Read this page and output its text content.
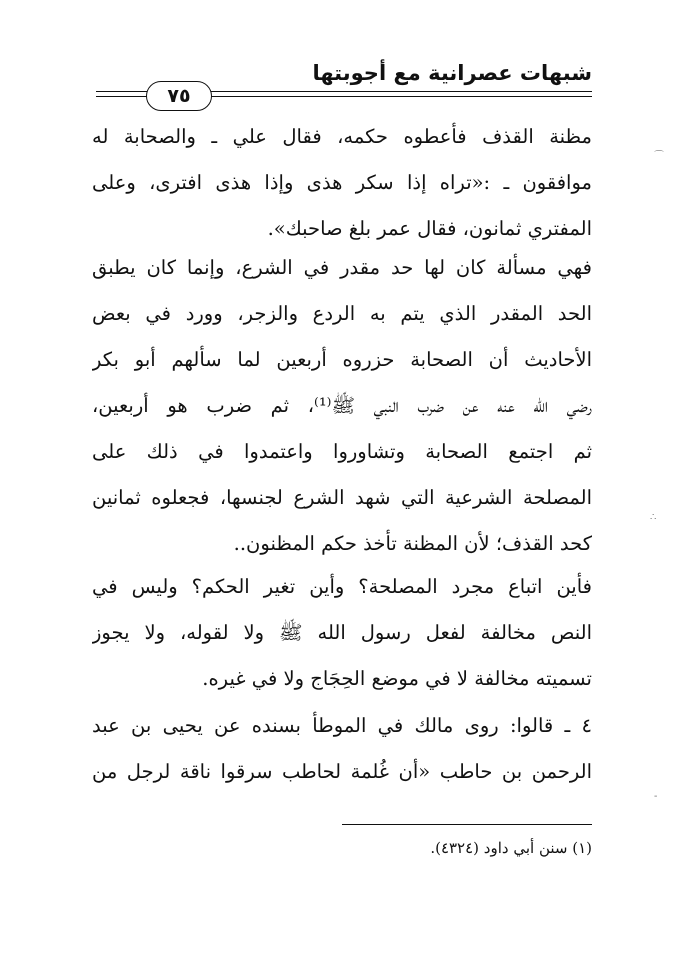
شبهات عصرانية مع أجوبتها
٧٥
مظنة القذف فأعطوه حكمه، فقال علي ـ والصحابة له
موافقون ـ :«تراه إذا سكر هذى وإذا هذى افترى، وعلى
المفتري ثمانون، فقال عمر بلغ صاحبك».
فهي مسألة كان لها حد مقدر في الشرع، وإنما كان يطبق
الحد المقدر الذي يتم به الردع والزجر، وورد في بعض
الأحاديث أن الصحابة حزروه أربعين لما سألهم أبو بكر
رضي الله عنه عن ضرب النبي ﷺ⁽¹⁾، ثم ضرب هو أربعين،
ثم اجتمع الصحابة وتشاوروا واعتمدوا في ذلك على
المصلحة الشرعية التي شهد الشرع لجنسها، فجعلوه ثمانين
كحد القذف؛ لأن المظنة تأخذ حكم المظنون..
فأين اتباع مجرد المصلحة؟ وأين تغير الحكم؟ وليس في
النص مخالفة لفعل رسول الله ﷺ ولا لقوله، ولا يجوز
تسميته مخالفة لا في موضع الحِجَاج ولا في غيره.
٤ ـ قالوا: روى مالك في الموطأ بسنده عن يحيى بن عبد
الرحمن بن حاطب «أن غُلمة لحاطب سرقوا ناقة لرجل من
(١) سنن أبي داود (٤٣٢٤).
⌒
∴
-
